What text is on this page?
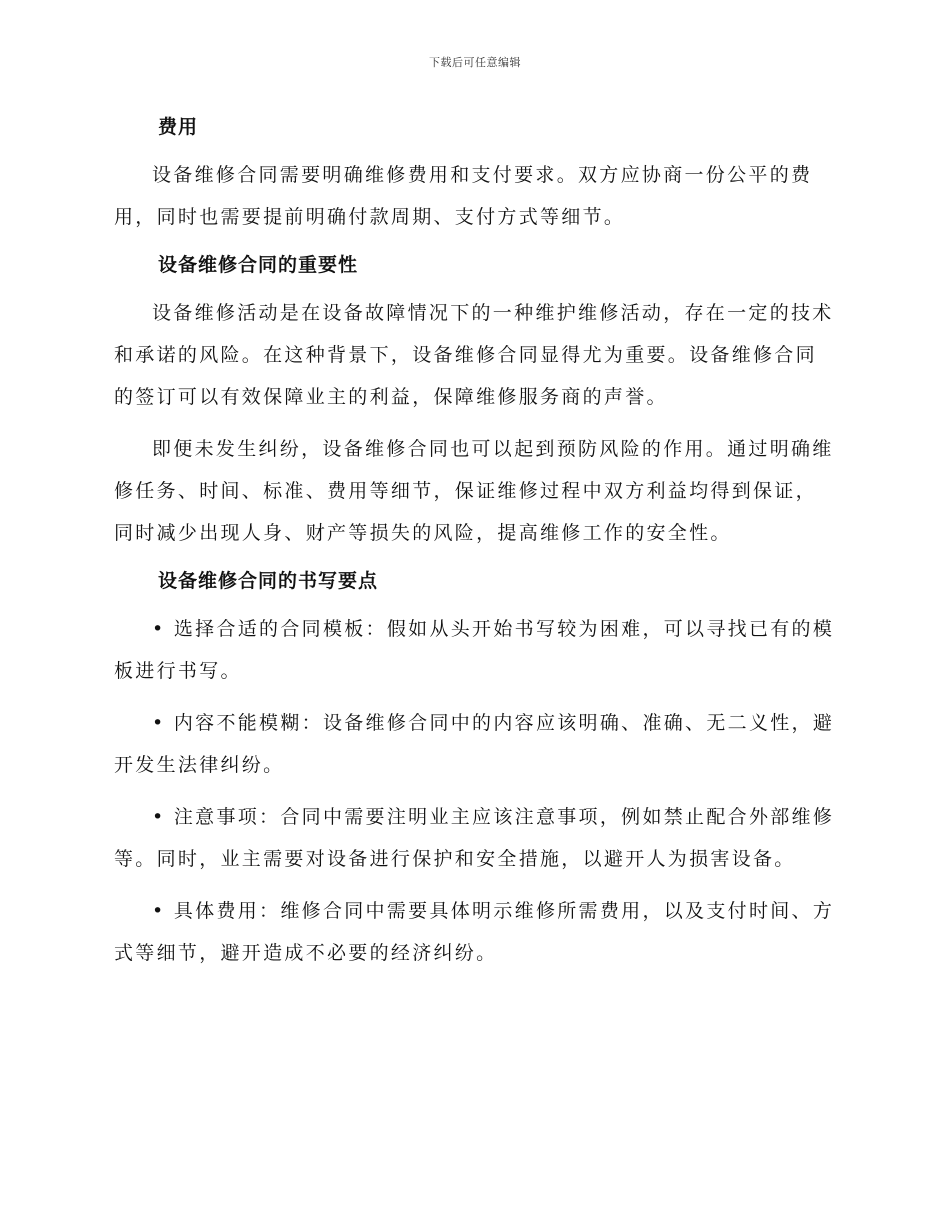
下载后可任意编辑
费用

设备维修合同需要明确维修费用和支付要求。双方应协商一份公平的费用，同时也需要提前明确付款周期、支付方式等细节。

设备维修合同的重要性

设备维修活动是在设备故障情况下的一种维护维修活动，存在一定的技术和承诺的风险。在这种背景下，设备维修合同显得尤为重要。设备维修合同的签订可以有效保障业主的利益，保障维修服务商的声誉。

即便未发生纠纷，设备维修合同也可以起到预防风险的作用。通过明确维修任务、时间、标准、费用等细节，保证维修过程中双方利益均得到保证，同时减少出现人身、财产等损失的风险，提高维修工作的安全性。

设备维修合同的书写要点

• 选择合适的合同模板：假如从头开始书写较为困难，可以寻找已有的模板进行书写。

• 内容不能模糊：设备维修合同中的内容应该明确、准确、无二义性，避开发生法律纠纷。

• 注意事项：合同中需要注明业主应该注意事项，例如禁止配合外部维修等。同时，业主需要对设备进行保护和安全措施，以避开人为损害设备。

• 具体费用：维修合同中需要具体明示维修所需费用，以及支付时间、方式等细节，避开造成不必要的经济纠纷。
